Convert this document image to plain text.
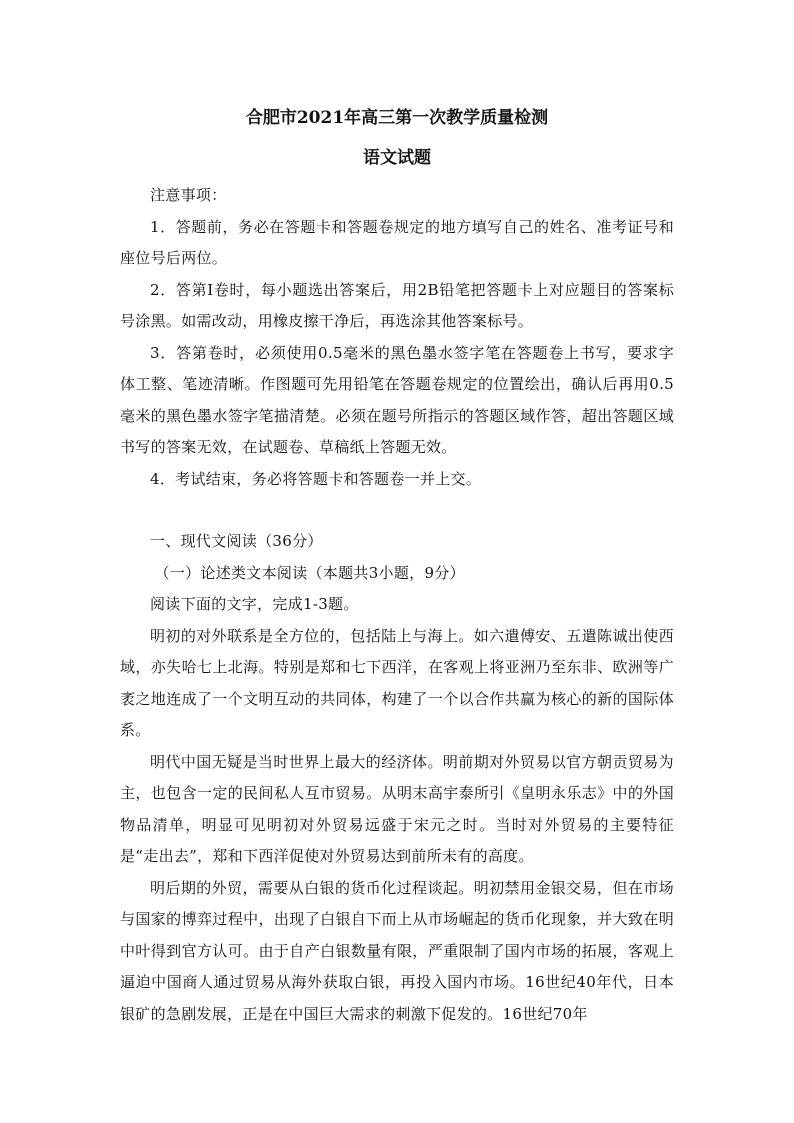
合肥市2021年高三第一次教学质量检测
语文试题

注意事项：

1．答题前，务必在答题卡和答题卷规定的地方填写自己的姓名、准考证号和座位号后两位。

2．答第Ⅰ卷时，每小题选出答案后，用2B铅笔把答题卡上对应题目的答案标号涂黑。如需改动，用橡皮擦干净后，再选涂其他答案标号。

3．答第卷时，必须使用0.5毫米的黑色墨水签字笔在答题卷上书写，要求字体工整、笔迹清晰。作图题可先用铅笔在答题卷规定的位置绘出，确认后再用0.5毫米的黑色墨水签字笔描清楚。必须在题号所指示的答题区域作答，超出答题区域书写的答案无效，在试题卷、草稿纸上答题无效。

4．考试结束，务必将答题卡和答题卷一并上交。

一、现代文阅读（36分）

（一）论述类文本阅读（本题共3小题，9分）

阅读下面的文字，完成1-3题。

明初的对外联系是全方位的，包括陆上与海上。如六遣傅安、五遣陈诚出使西域，亦失哈七上北海。特别是郑和七下西洋，在客观上将亚洲乃至东非、欧洲等广袤之地连成了一个文明互动的共同体，构建了一个以合作共赢为核心的新的国际体系。

明代中国无疑是当时世界上最大的经济体。明前期对外贸易以官方朝贡贸易为主，也包含一定的民间私人互市贸易。从明末高宇泰所引《皇明永乐志》中的外国物品清单，明显可见明初对外贸易远盛于宋元之时。当时对外贸易的主要特征是“走出去”，郑和下西洋促使对外贸易达到前所未有的高度。

明后期的外贸，需要从白银的货币化过程谈起。明初禁用金银交易，但在市场与国家的博弈过程中，出现了白银自下而上从市场崛起的货币化现象，并大致在明中叶得到官方认可。由于自产白银数量有限，严重限制了国内市场的拓展，客观上逼迫中国商人通过贸易从海外获取白银，再投入国内市场。16世纪40年代，日本银矿的急剧发展，正是在中国巨大需求的刺激下促发的。16世纪70年
